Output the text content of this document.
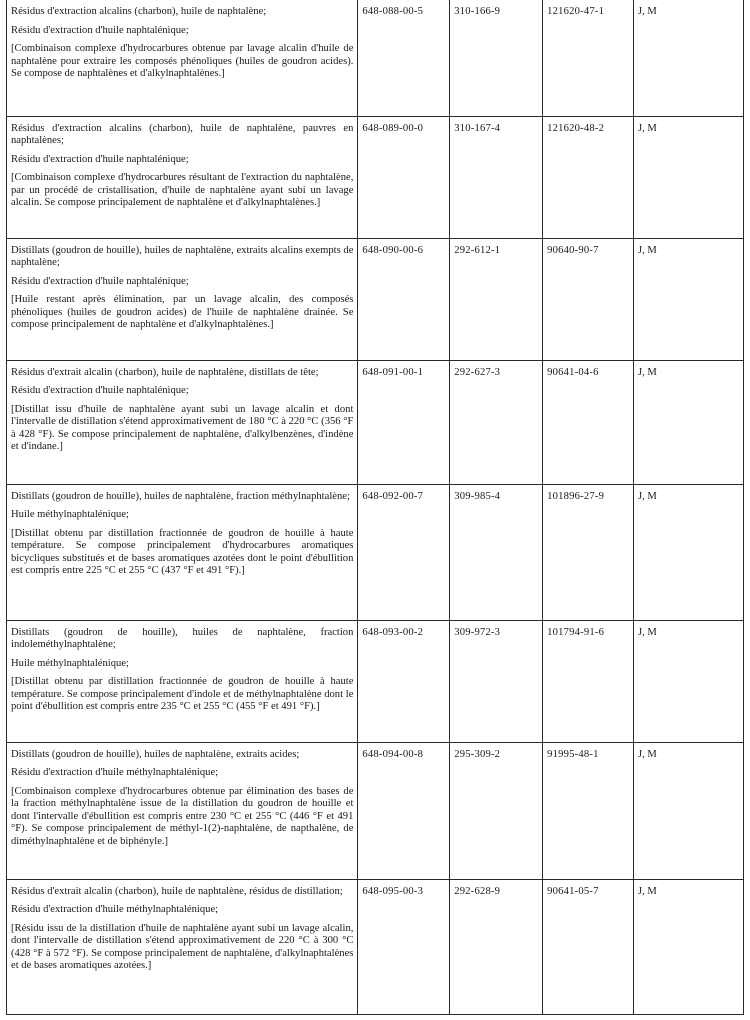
Résidus d'extraction alcalins (charbon), huile de naphtalène;
Résidu d'extraction d'huile naphtalénique;
[Combinaison complexe d'hydrocarbures obtenue par lavage alcalin d'huile de naphtalène pour extraire les composés phénoliques (huiles de goudron acides). Se compose de naphtalènes et d'alkylnaphtalènes.]	648-088-00-5	310-166-9	121620-47-1	J, M

Résidus d'extraction alcalins (charbon), huile de naphtalène, pauvres en naphtalènes;
Résidu d'extraction d'huile naphtalénique;
[Combinaison complexe d'hydrocarbures résultant de l'extraction du naphtalène, par un procédé de cristallisation, d'huile de naphtalène ayant subi un lavage alcalin. Se compose principalement de naphtalène et d'alkylnaphtalènes.]	648-089-00-0	310-167-4	121620-48-2	J, M

Distillats (goudron de houille), huiles de naphtalène, extraits alcalins exempts de naphtalène;
Résidu d'extraction d'huile naphtalénique;
[Huile restant après élimination, par un lavage alcalin, des composés phénoliques (huiles de goudron acides) de l'huile de naphtalène drainée. Se compose principalement de naphtalène et d'alkylnaphtalènes.]	648-090-00-6	292-612-1	90640-90-7	J, M

Résidus d'extrait alcalin (charbon), huile de naphtalène, distillats de tête;
Résidu d'extraction d'huile naphtalénique;
[Distillat issu d'huile de naphtalène ayant subi un lavage alcalin et dont l'intervalle de distillation s'étend approximativement de 180 °C à 220 °C (356 °F à 428 °F). Se compose principalement de naphtalène, d'alkylbenzènes, d'indène et d'indane.]	648-091-00-1	292-627-3	90641-04-6	J, M

Distillats (goudron de houille), huiles de naphtalène, fraction méthylnaphtalène;
Huile méthylnaphtalénique;
[Distillat obtenu par distillation fractionnée de goudron de houille à haute température. Se compose principalement d'hydrocarbures aromatiques bicycliques substitués et de bases aromatiques azotées dont le point d'ébullition est compris entre 225 °C et 255 °C (437 °F et 491 °F).]	648-092-00-7	309-985-4	101896-27-9	J, M

Distillats (goudron de houille), huiles de naphtalène, fraction indoleméthylnaphtalène;
Huile méthylnaphtalénique;
[Distillat obtenu par distillation fractionnée de goudron de houille à haute température. Se compose principalement d'indole et de méthylnaphtalène dont le point d'ébullition est compris entre 235 °C et 255 °C (455 °F et 491 °F).]	648-093-00-2	309-972-3	101794-91-6	J, M

Distillats (goudron de houille), huiles de naphtalène, extraits acides;
Résidu d'extraction d'huile méthylnaphtalénique;
[Combinaison complexe d'hydrocarbures obtenue par élimination des bases de la fraction méthylnaphtalène issue de la distillation du goudron de houille et dont l'intervalle d'ébullition est compris entre 230 °C et 255 °C (446 °F et 491 °F). Se compose principalement de méthyl-1(2)-naphtalène, de napthalène, de diméthylnaphtalène et de biphényle.]	648-094-00-8	295-309-2	91995-48-1	J, M

Résidus d'extrait alcalin (charbon), huile de naphtalène, résidus de distillation;
Résidu d'extraction d'huile méthylnaphtalénique;
[Résidu issu de la distillation d'huile de naphtalène ayant subi un lavage alcalin, dont l'intervalle de distillation s'étend approximativement de 220 °C à 300 °C (428 °F à 572 °F). Se compose principalement de naphtalène, d'alkylnaphtalènes et de bases aromatiques azotées.]	648-095-00-3	292-628-9	90641-05-7	J, M
